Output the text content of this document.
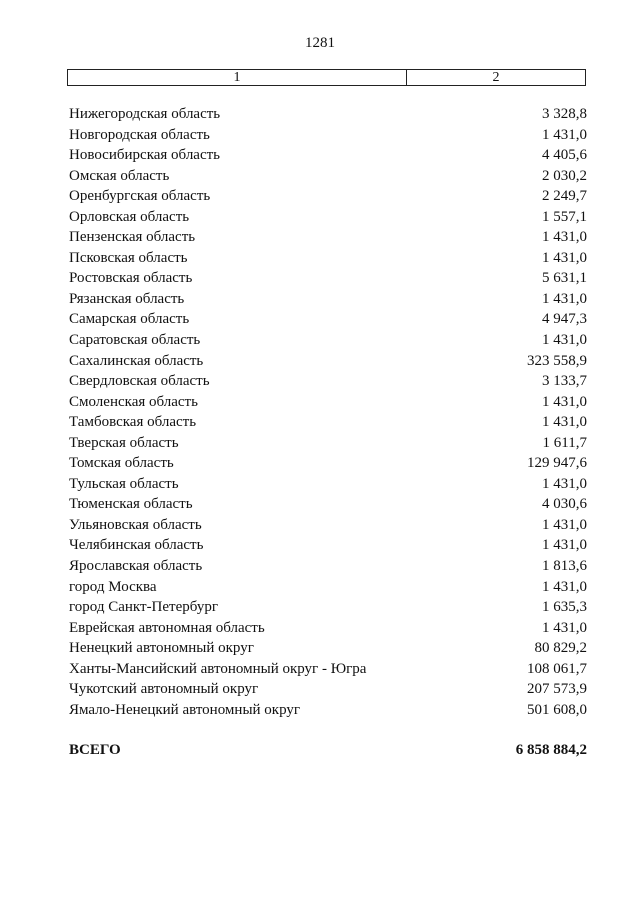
1281
1	2
Нижегородская область	3 328,8
Новгородская область	1 431,0
Новосибирская область	4 405,6
Омская область	2 030,2
Оренбургская область	2 249,7
Орловская область	1 557,1
Пензенская область	1 431,0
Псковская область	1 431,0
Ростовская область	5 631,1
Рязанская область	1 431,0
Самарская область	4 947,3
Саратовская область	1 431,0
Сахалинская область	323 558,9
Свердловская область	3 133,7
Смоленская область	1 431,0
Тамбовская область	1 431,0
Тверская область	1 611,7
Томская область	129 947,6
Тульская область	1 431,0
Тюменская область	4 030,6
Ульяновская область	1 431,0
Челябинская область	1 431,0
Ярославская область	1 813,6
город Москва	1 431,0
город Санкт-Петербург	1 635,3
Еврейская автономная область	1 431,0
Ненецкий автономный округ	80 829,2
Ханты-Мансийский автономный округ - Югра	108 061,7
Чукотский автономный округ	207 573,9
Ямало-Ненецкий автономный округ	501 608,0
ВСЕГО	6 858 884,2
